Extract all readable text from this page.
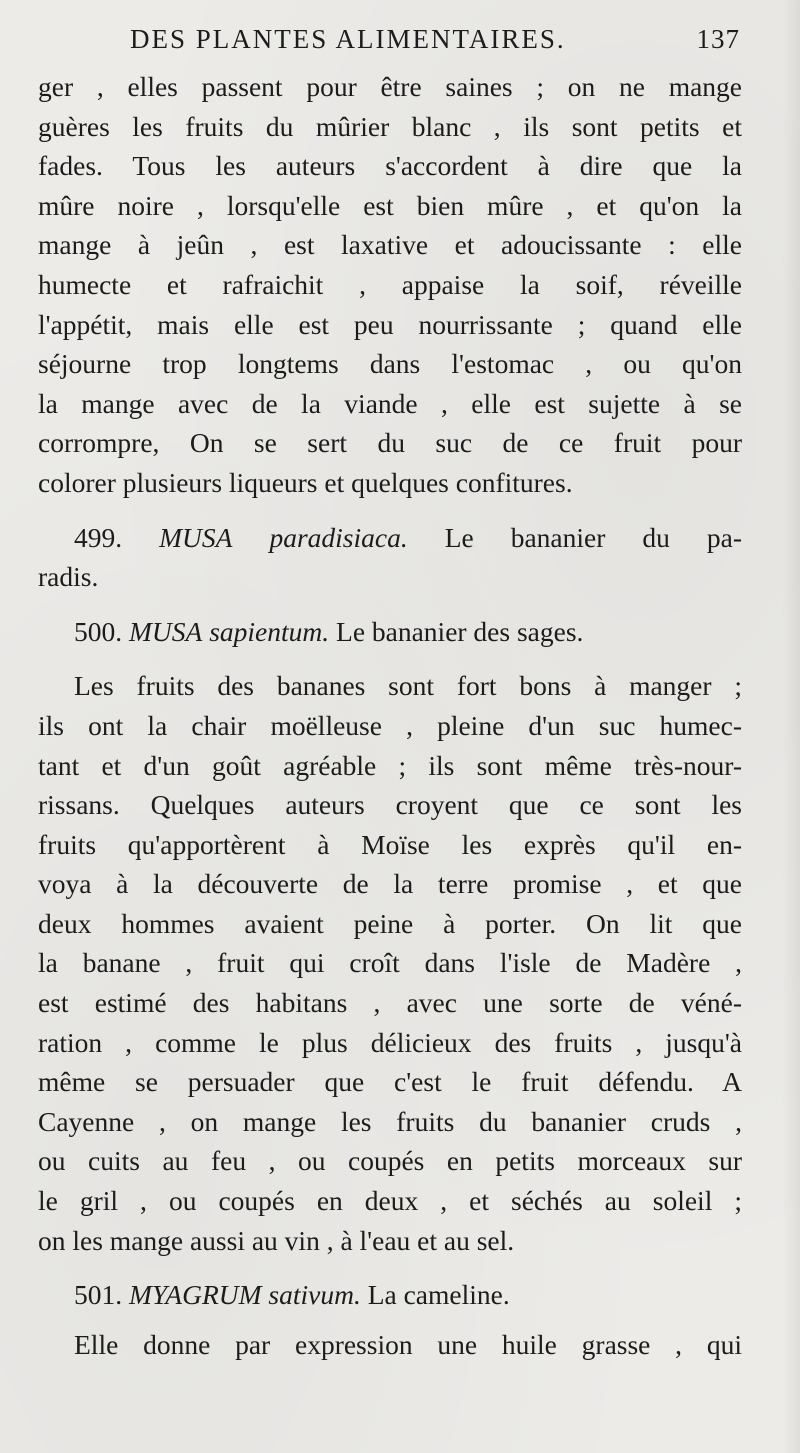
DES PLANTES ALIMENTAIRES.	137
ger , elles passent pour être saines ; on ne mange
guères les fruits du mûrier blanc , ils sont petits et
fades. Tous les auteurs s'accordent à dire que la
mûre noire , lorsqu'elle est bien mûre , et qu'on la
mange à jeûn , est laxative et adoucissante : elle
humecte et rafraichit , appaise la soif, réveille
l'appétit, mais elle est peu nourrissante ; quand elle
séjourne trop longtems dans l'estomac , ou qu'on
la mange avec de la viande , elle est sujette à se
corrompre, On se sert du suc de ce fruit pour
colorer plusieurs liqueurs et quelques confitures.
499. MUSA paradisiaca. Le bananier du pa-
radis.
500. MUSA sapientum. Le bananier des sages.
Les fruits des bananes sont fort bons à manger ;
ils ont la chair moëlleuse , pleine d'un suc humec-
tant et d'un goût agréable ; ils sont même très-nour-
rissans. Quelques auteurs croyent que ce sont les
fruits qu'apportèrent à Moïse les exprès qu'il en-
voya à la découverte de la terre promise , et que
deux hommes avaient peine à porter. On lit que
la banane , fruit qui croît dans l'isle de Madère ,
est estimé des habitans , avec une sorte de véné-
ration , comme le plus délicieux des fruits , jusqu'à
même se persuader que c'est le fruit défendu. A
Cayenne , on mange les fruits du bananier cruds ,
ou cuits au feu , ou coupés en petits morceaux sur
le gril , ou coupés en deux , et séchés au soleil ;
on les mange aussi au vin , à l'eau et au sel.
501. MYAGRUM sativum. La cameline.
Elle donne par expression une huile grasse , qui
